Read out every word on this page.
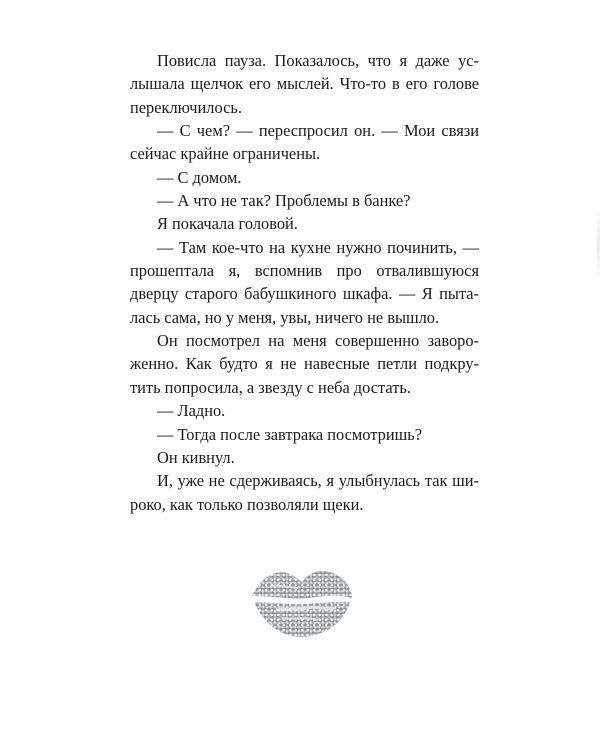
Повисла пауза. Показалось, что я даже ус-
лышала щелчок его мыслей. Что-то в его голове
переключилось.
— С чем? — переспросил он. — Мои связи
сейчас крайне ограничены.
— С домом.
— А что не так? Проблемы в банке?
Я покачала головой.
— Там кое-что на кухне нужно починить, —
прошептала я, вспомнив про отвалившуюся
дверцу старого бабушкиного шкафа. — Я пыта-
лась сама, но у меня, увы, ничего не вышло.
Он посмотрел на меня совершенно заворо-
женно. Как будто я не навесные петли подкру-
тить попросила, а звезду с неба достать.
— Ладно.
— Тогда после завтрака посмотришь?
Он кивнул.
И, уже не сдерживаясь, я улыбнулась так ши-
роко, как только позволяли щеки.
